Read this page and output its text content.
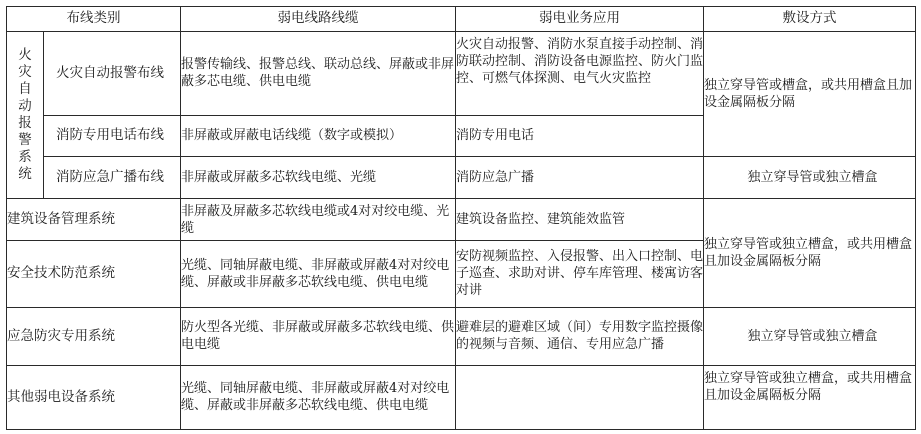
布线类别		弱电线路线缆	弱电业务应用	敷设方式
火灾自动报警系统	火灾自动报警布线	报警传输线、报警总线、联动总线、屏蔽或非屏蔽多芯电缆、供电电缆	火灾自动报警、消防水泵直接手动控制、消防联动控制、消防设备电源监控、防火门监控、可燃气体探测、电气火灾监控	独立穿导管或槽盒，或共用槽盒且加设金属隔板分隔
	消防专用电话布线	非屏蔽或屏蔽电话线缆（数字或模拟）	消防专用电话	
	消防应急广播布线	非屏蔽或屏蔽多芯软线电缆、光缆	消防应急广播	独立穿导管或独立槽盒
建筑设备管理系统		非屏蔽及屏蔽多芯软线电缆或4对对绞电缆、光缆	建筑设备监控、建筑能效监管	独立穿导管或独立槽盒，或共用槽盒且加设金属隔板分隔
安全技术防范系统		光缆、同轴屏蔽电缆、非屏蔽或屏蔽4对对绞电缆、屏蔽或非屏蔽多芯软线电缆、供电电缆	安防视频监控、入侵报警、出入口控制、电子巡查、求助对讲、停车库管理、楼寓访客对讲	
应急防灾专用系统		防火型各光缆、非屏蔽或屏蔽多芯软线电缆、供电电缆	避难层的避难区域（间）专用数字监控摄像的视频与音频、通信、专用应急广播	独立穿导管或独立槽盒
其他弱电设备系统		光缆、同轴屏蔽电缆、非屏蔽或屏蔽4对对绞电缆、屏蔽或非屏蔽多芯软线电缆、供电电缆		独立穿导管或独立槽盒，或共用槽盒且加设金属隔板分隔
